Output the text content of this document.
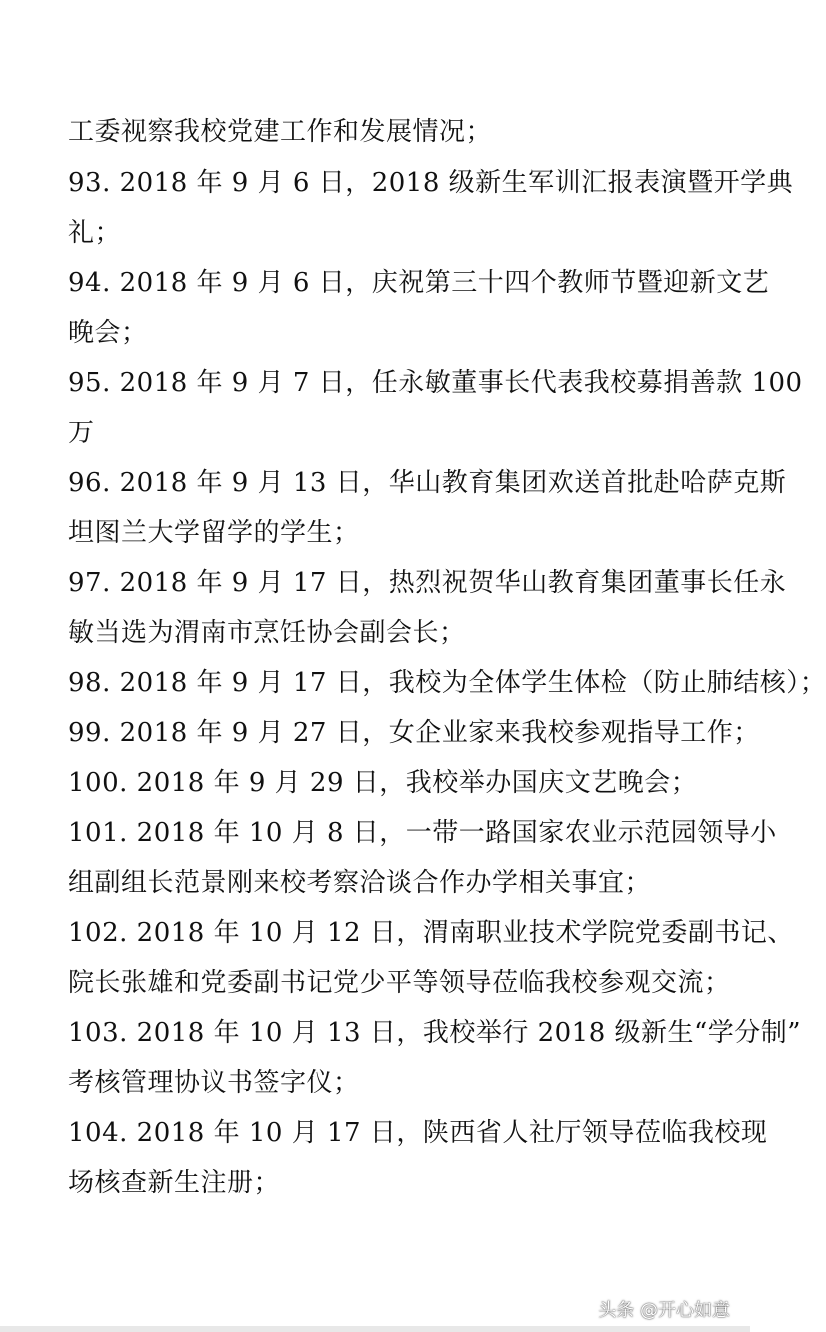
工委视察我校党建工作和发展情况；
93. 2018 年 9 月 6 日，2018 级新生军训汇报表演暨开学典
礼；
94. 2018 年 9 月 6 日，庆祝第三十四个教师节暨迎新文艺
晚会；
95. 2018 年 9 月 7 日，任永敏董事长代表我校募捐善款 100
万
96. 2018 年 9 月 13 日，华山教育集团欢送首批赴哈萨克斯
坦图兰大学留学的学生；
97. 2018 年 9 月 17 日，热烈祝贺华山教育集团董事长任永
敏当选为渭南市烹饪协会副会长；
98. 2018 年 9 月 17 日，我校为全体学生体检（防止肺结核）；
99. 2018 年 9 月 27 日，女企业家来我校参观指导工作；
100. 2018 年 9 月 29 日，我校举办国庆文艺晚会；
101. 2018 年 10 月 8 日，一带一路国家农业示范园领导小
组副组长范景刚来校考察洽谈合作办学相关事宜；
102. 2018 年 10 月 12 日，渭南职业技术学院党委副书记、
院长张雄和党委副书记党少平等领导莅临我校参观交流；
103. 2018 年 10 月 13 日，我校举行 2018 级新生“学分制”
考核管理协议书签字仪；
104. 2018 年 10 月 17 日，陕西省人社厅领导莅临我校现
场核查新生注册；
头条 @开心如意
